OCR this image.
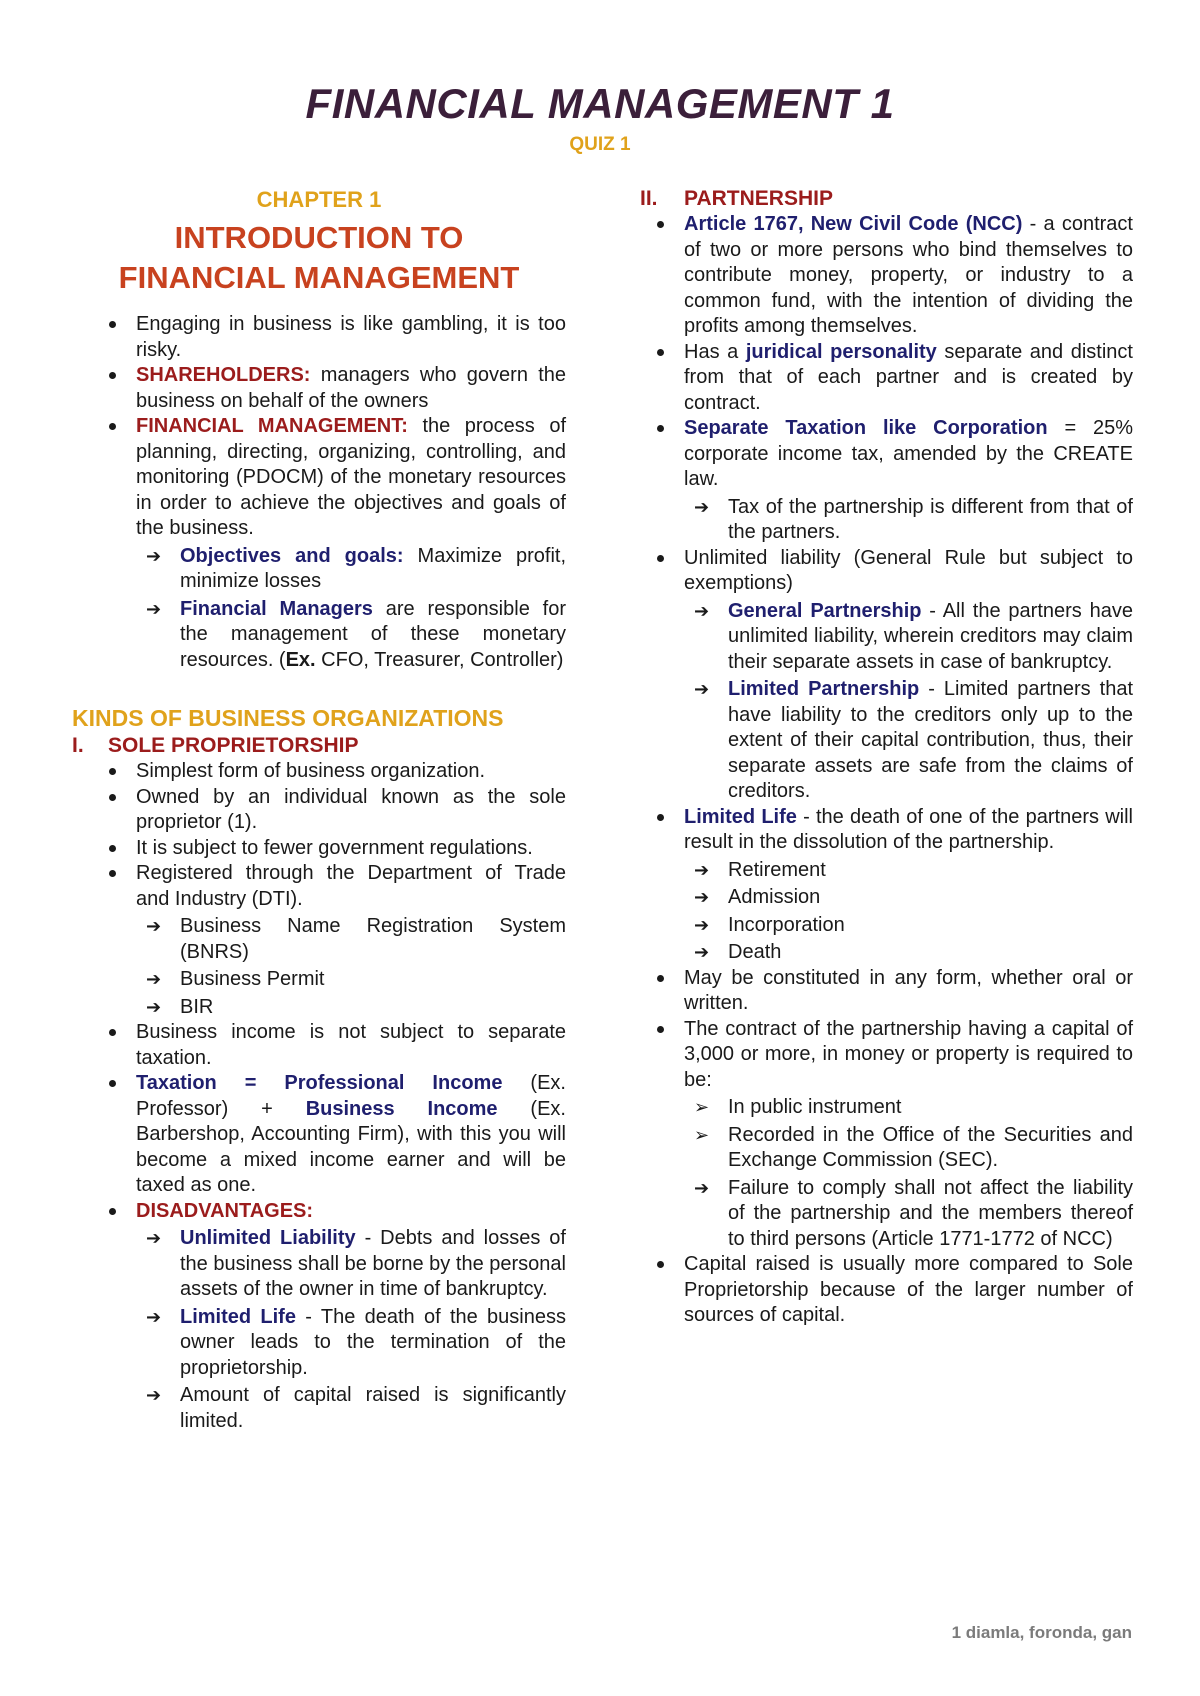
FINANCIAL MANAGEMENT 1
QUIZ 1
CHAPTER 1
INTRODUCTION TO
FINANCIAL MANAGEMENT
Engaging in business is like gambling, it is too risky.
SHAREHOLDERS: managers who govern the business on behalf of the owners
FINANCIAL MANAGEMENT: the process of planning, directing, organizing, controlling, and monitoring (PDOCM) of the monetary resources in order to achieve the objectives and goals of the business.
➔ Objectives and goals: Maximize profit, minimize losses
➔ Financial Managers are responsible for the management of these monetary resources. (Ex. CFO, Treasurer, Controller)
KINDS OF BUSINESS ORGANIZATIONS
I. SOLE PROPRIETORSHIP
Simplest form of business organization.
Owned by an individual known as the sole proprietor (1).
It is subject to fewer government regulations.
Registered through the Department of Trade and Industry (DTI).
➔ Business Name Registration System (BNRS)
➔ Business Permit
➔ BIR
Business income is not subject to separate taxation.
Taxation = Professional Income (Ex. Professor) + Business Income (Ex. Barbershop, Accounting Firm), with this you will become a mixed income earner and will be taxed as one.
DISADVANTAGES:
➔ Unlimited Liability - Debts and losses of the business shall be borne by the personal assets of the owner in time of bankruptcy.
➔ Limited Life - The death of the business owner leads to the termination of the proprietorship.
➔ Amount of capital raised is significantly limited.
II. PARTNERSHIP
Article 1767, New Civil Code (NCC) - a contract of two or more persons who bind themselves to contribute money, property, or industry to a common fund, with the intention of dividing the profits among themselves.
Has a juridical personality separate and distinct from that of each partner and is created by contract.
Separate Taxation like Corporation = 25% corporate income tax, amended by the CREATE law.
➔ Tax of the partnership is different from that of the partners.
Unlimited liability (General Rule but subject to exemptions)
➔ General Partnership - All the partners have unlimited liability, wherein creditors may claim their separate assets in case of bankruptcy.
➔ Limited Partnership - Limited partners that have liability to the creditors only up to the extent of their capital contribution, thus, their separate assets are safe from the claims of creditors.
Limited Life - the death of one of the partners will result in the dissolution of the partnership.
➔ Retirement
➔ Admission
➔ Incorporation
➔ Death
May be constituted in any form, whether oral or written.
The contract of the partnership having a capital of 3,000 or more, in money or property is required to be:
➢ In public instrument
➢ Recorded in the Office of the Securities and Exchange Commission (SEC).
➔ Failure to comply shall not affect the liability of the partnership and the members thereof to third persons (Article 1771-1772 of NCC)
Capital raised is usually more compared to Sole Proprietorship because of the larger number of sources of capital.
1 diamla, foronda, gan
